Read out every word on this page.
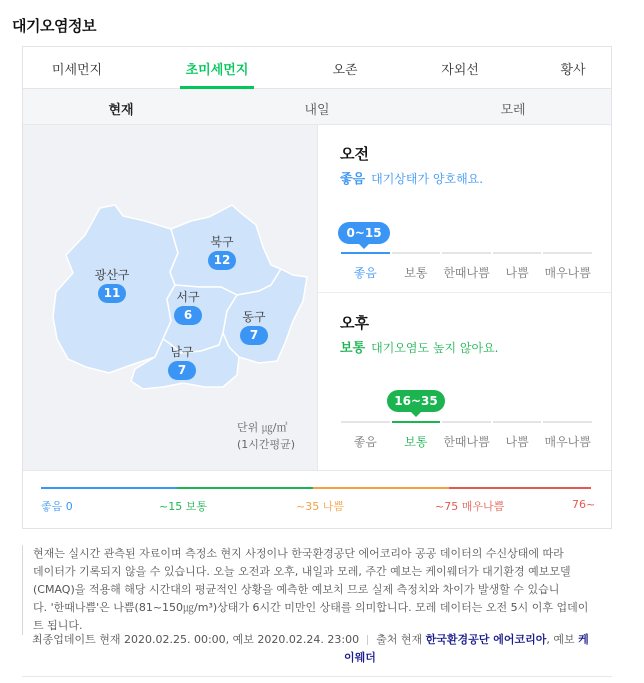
대기오염정보
미세먼지	초미세먼지	오존	자외선	황사
현재	내일	모레
광산구
11
북구
12
서구
6	동구
7
남구
7
단위 ㎍/㎥
(1시간평균)
오전
좋음 대기상태가 양호해요.
0~15
좋음 보통 한때나쁨 나쁨 매우나쁨
오후
보통 대기오염도 높지 않아요.
16~35
좋음 보통 한때나쁨 나쁨 매우나쁨
좋음 0	~15 보통	~35 나쁨	~75 매우나쁨	76~
현재는 실시간 관측된 자료이며 측정소 현지 사정이나 한국환경공단 에어코리아 공공 데이터의 수신상태에 따라
데이터가 기록되지 않을 수 있습니다. 오늘 오전과 오후, 내일과 모레, 주간 예보는 케이웨더가 대기환경 예보모델
(CMAQ)을 적용해 해당 시간대의 평균적인 상황을 예측한 예보치 므로 실제 측정치와 차이가 발생할 수 있습니
다. '한때나쁨'은 나쁨(81~150㎍/m³)상태가 6시간 미만인 상태를 의미합니다. 모레 데이터는 오전 5시 이후 업데이
트 됩니다.
최종업데이트 현재 2020.02.25. 00:00, 예보 2020.02.24. 23:00 출처 현재 한국환경공단 에어코리아, 예보 케
이웨더
